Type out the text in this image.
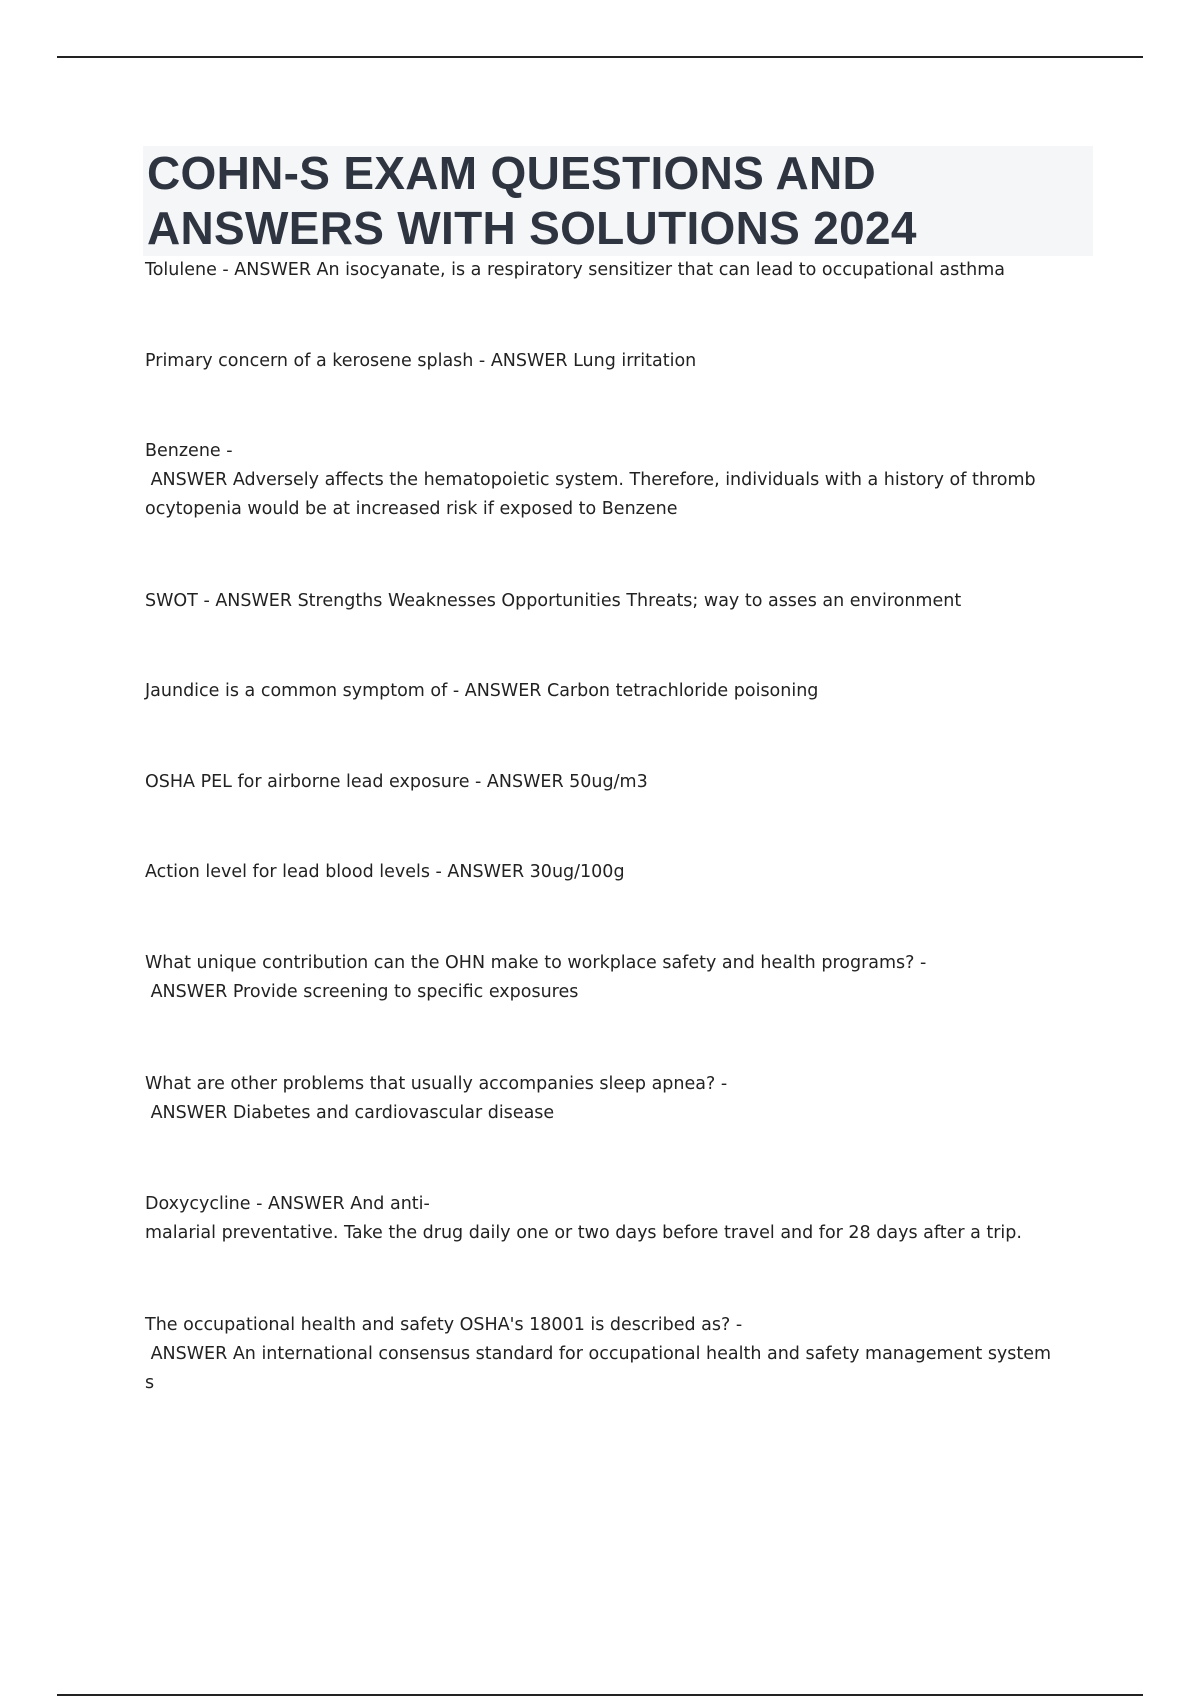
COHN-S EXAM QUESTIONS AND
ANSWERS WITH SOLUTIONS 2024
Tolulene - ANSWER An isocyanate, is a respiratory sensitizer that can lead to occupational asthma
Primary concern of a kerosene splash - ANSWER Lung irritation
Benzene -
ANSWER Adversely affects the hematopoietic system. Therefore, individuals with a history of thromb
ocytopenia would be at increased risk if exposed to Benzene
SWOT - ANSWER Strengths Weaknesses Opportunities Threats; way to asses an environment
Jaundice is a common symptom of - ANSWER Carbon tetrachloride poisoning
OSHA PEL for airborne lead exposure - ANSWER 50ug/m3
Action level for lead blood levels - ANSWER 30ug/100g
What unique contribution can the OHN make to workplace safety and health programs? -
ANSWER Provide screening to specific exposures
What are other problems that usually accompanies sleep apnea? -
ANSWER Diabetes and cardiovascular disease
Doxycycline - ANSWER And anti-
malarial preventative. Take the drug daily one or two days before travel and for 28 days after a trip.
The occupational health and safety OSHA's 18001 is described as? -
ANSWER An international consensus standard for occupational health and safety management system
s
